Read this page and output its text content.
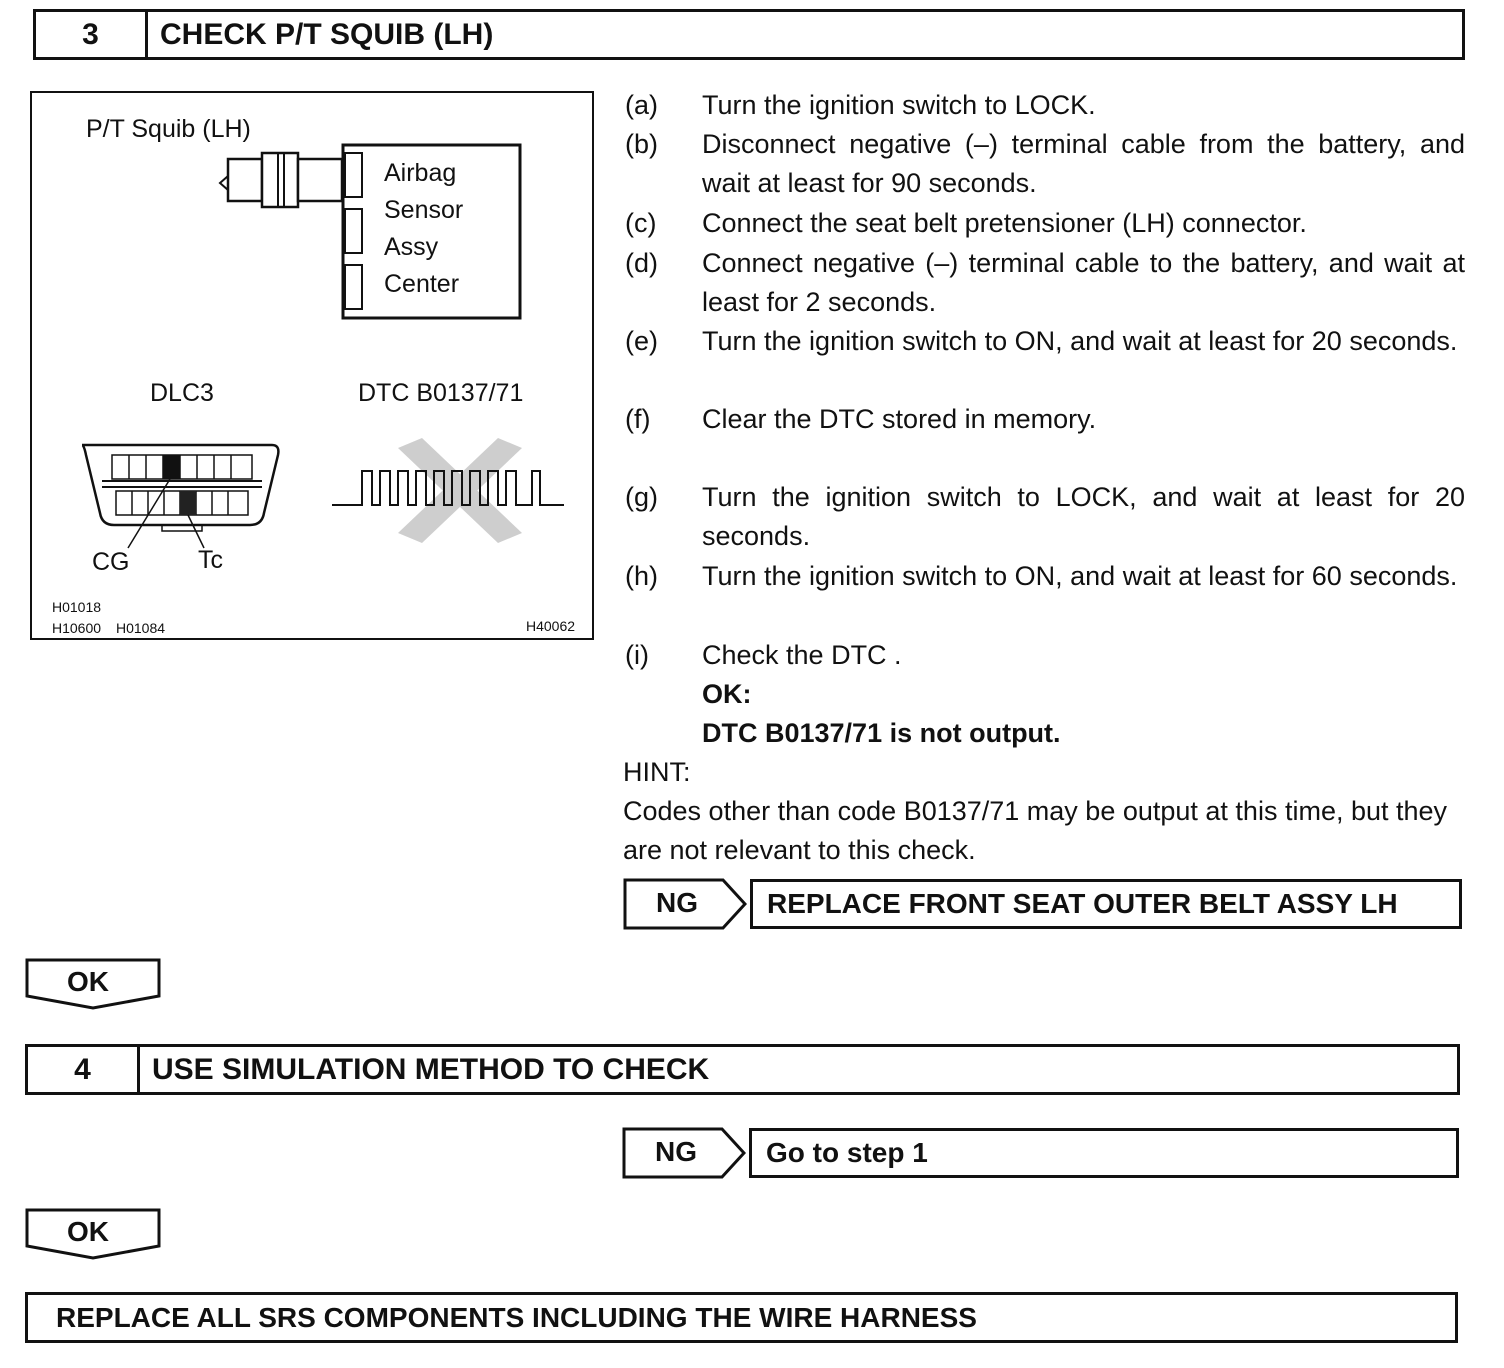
3	CHECK P/T SQUIB (LH)
P/T Squib (LH)
Airbag
Sensor
Assy
Center
DLC3	DTC B0137/71
CG	Tc
H01018
H10600 H01084	H40062
(a) Turn the ignition switch to LOCK.
(b) Disconnect negative (–) terminal cable from the battery, and wait at least for 90 seconds.
(c) Connect the seat belt pretensioner (LH) connector.
(d) Connect negative (–) terminal cable to the battery, and wait at least for 2 seconds.
(e) Turn the ignition switch to ON, and wait at least for 20 seconds.
(f) Clear the DTC stored in memory.
(g) Turn the ignition switch to LOCK, and wait at least for 20 seconds.
(h) Turn the ignition switch to ON, and wait at least for 60 seconds.
(i) Check the DTC .
OK:
DTC B0137/71 is not output.
HINT:
Codes other than code B0137/71 may be output at this time, but they are not relevant to this check.
NG	REPLACE FRONT SEAT OUTER BELT ASSY LH
OK
4	USE SIMULATION METHOD TO CHECK
NG	Go to step 1
OK
REPLACE ALL SRS COMPONENTS INCLUDING THE WIRE HARNESS
